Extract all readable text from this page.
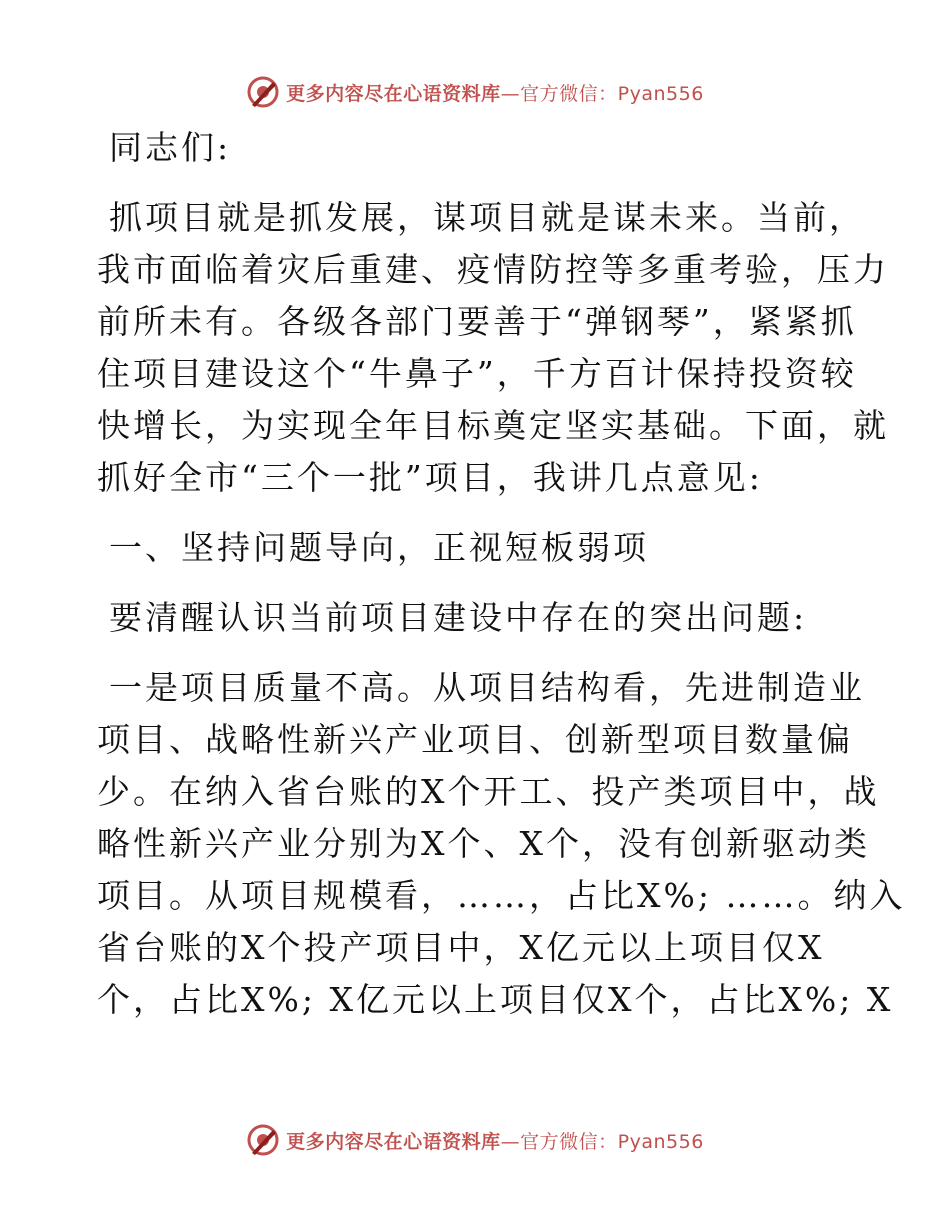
更多内容尽在心语资料库—官方微信：Pyan556
同志们:
抓项目就是抓发展，谋项目就是谋未来。当前，
我市面临着灾后重建、疫情防控等多重考验，压力
前所未有。各级各部门要善于“弹钢琴”，紧紧抓
住项目建设这个“牛鼻子”，千方百计保持投资较
快增长，为实现全年目标奠定坚实基础。下面，就
抓好全市“三个一批”项目，我讲几点意见:
一、坚持问题导向，正视短板弱项
要清醒认识当前项目建设中存在的突出问题:
一是项目质量不高。从项目结构看，先进制造业
项目、战略性新兴产业项目、创新型项目数量偏
少。在纳入省台账的X个开工、投产类项目中，战
略性新兴产业分别为X个、X个，没有创新驱动类
项目。从项目规模看，……，占比X%; ……。纳入
省台账的X个投产项目中，X亿元以上项目仅X
个，占比X%; X亿元以上项目仅X个，占比X%; X
更多内容尽在心语资料库—官方微信：Pyan556
